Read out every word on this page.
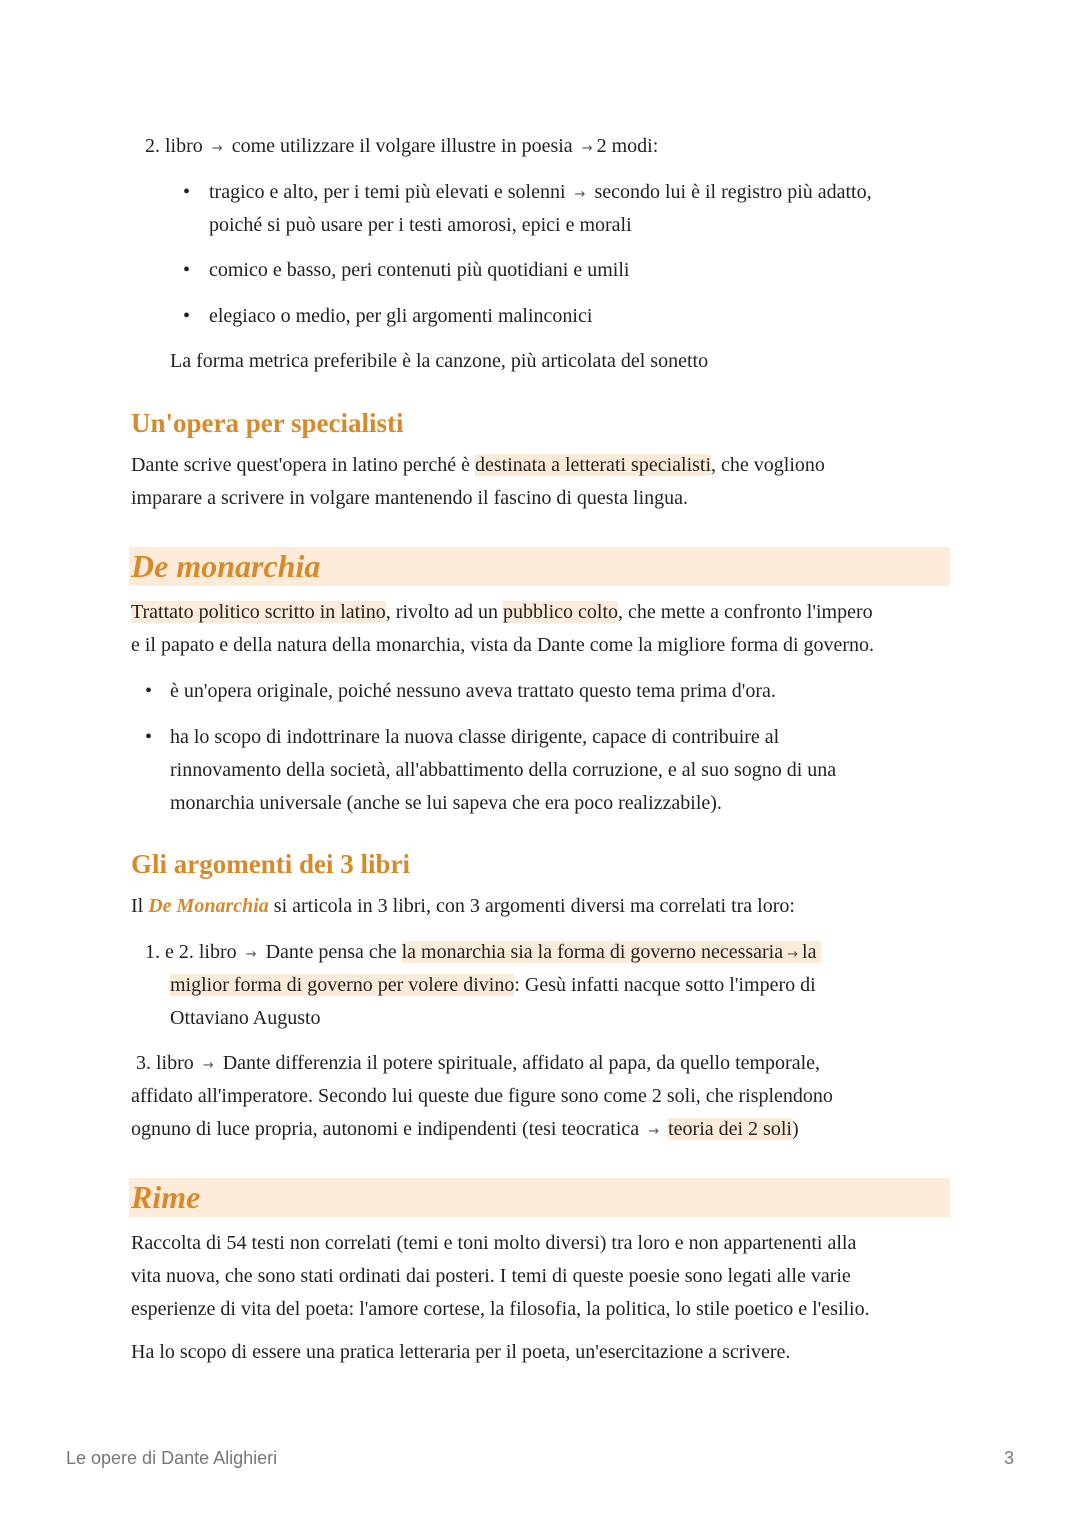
2. libro → come utilizzare il volgare illustre in poesia → 2 modi:
• tragico e alto, per i temi più elevati e solenni → secondo lui è il registro più adatto,
poiché si può usare per i testi amorosi, epici e morali
• comico e basso, peri contenuti più quotidiani e umili
• elegiaco o medio, per gli argomenti malinconici
La forma metrica preferibile è la canzone, più articolata del sonetto
Un'opera per specialisti
Dante scrive quest'opera in latino perché è destinata a letterati specialisti, che vogliono
imparare a scrivere in volgare mantenendo il fascino di questa lingua.
De monarchia
Trattato politico scritto in latino, rivolto ad un pubblico colto, che mette a confronto l'impero
e il papato e della natura della monarchia, vista da Dante come la migliore forma di governo.
• è un'opera originale, poiché nessuno aveva trattato questo tema prima d'ora.
• ha lo scopo di indottrinare la nuova classe dirigente, capace di contribuire al
rinnovamento della società, all'abbattimento della corruzione, e al suo sogno di una
monarchia universale (anche se lui sapeva che era poco realizzabile).
Gli argomenti dei 3 libri
Il De Monarchia si articola in 3 libri, con 3 argomenti diversi ma correlati tra loro:
1. e 2. libro → Dante pensa che la monarchia sia la forma di governo necessaria → la
miglior forma di governo per volere divino: Gesù infatti nacque sotto l'impero di
Ottaviano Augusto
3. libro → Dante differenzia il potere spirituale, affidato al papa, da quello temporale,
affidato all'imperatore. Secondo lui queste due figure sono come 2 soli, che risplendono
ognuno di luce propria, autonomi e indipendenti (tesi teocratica → teoria dei 2 soli)
Rime
Raccolta di 54 testi non correlati (temi e toni molto diversi) tra loro e non appartenenti alla
vita nuova, che sono stati ordinati dai posteri. I temi di queste poesie sono legati alle varie
esperienze di vita del poeta: l'amore cortese, la filosofia, la politica, lo stile poetico e l'esilio.
Ha lo scopo di essere una pratica letteraria per il poeta, un'esercitazione a scrivere.
Le opere di Dante Alighieri	3
